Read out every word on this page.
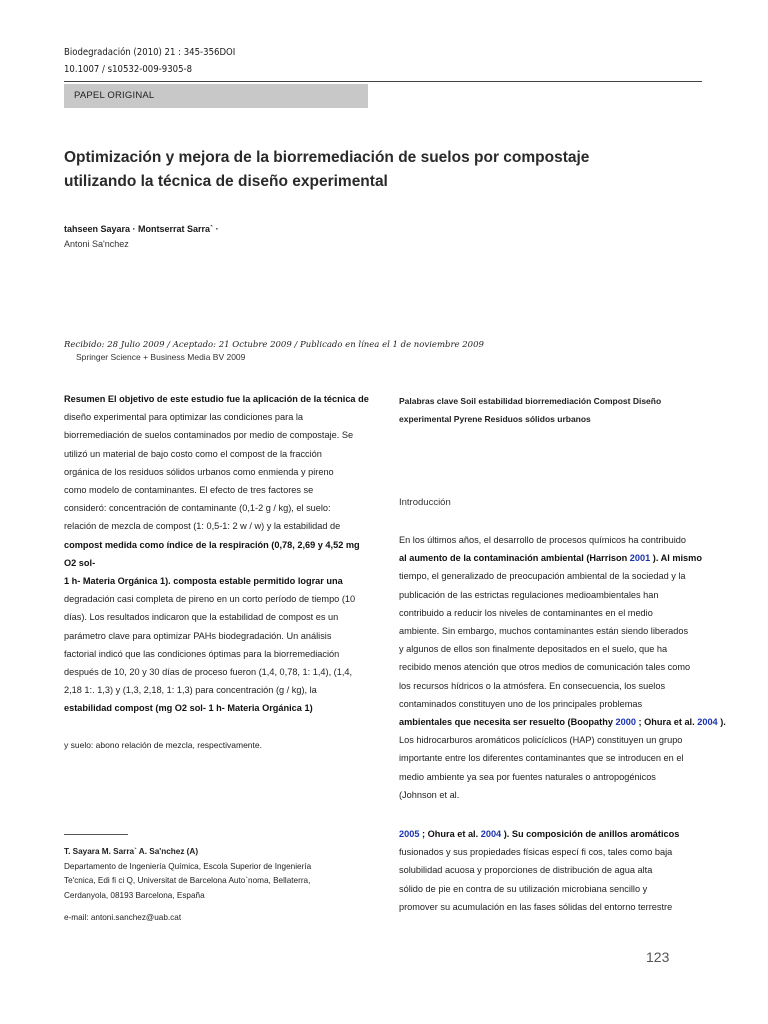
Biodegradación (2010) 21 : 345-356DOI
10.1007 / s10532-009-9305-8
PAPEL ORIGINAL
Optimización y mejora de la biorremediación de suelos por compostaje
utilizando la técnica de diseño experimental
tahseen Sayara · Montserrat Sarra` ·
Antoni Sa'nchez
Recibido: 28 Julio 2009 / Aceptado: 21 Octubre 2009 / Publicado en línea el 1 de noviembre 2009
Springer Science + Business Media BV 2009
Resumen El objetivo de este estudio fue la aplicación de la técnica de
diseño experimental para optimizar las condiciones para la
biorremediación de suelos contaminados por medio de compostaje. Se
utilizó un material de bajo costo como el compost de la fracción
orgánica de los residuos sólidos urbanos como enmienda y pireno
como modelo de contaminantes. El efecto de tres factores se
consideró: concentración de contaminante (0,1-2 g / kg), el suelo:
relación de mezcla de compost (1: 0,5-1: 2 w / w) y la estabilidad de
compost medida como índice de la respiración (0,78, 2,69 y 4,52 mg O2 sol-
1 h- Materia Orgánica 1). composta estable permitido lograr una
degradación casi completa de pireno en un corto período de tiempo (10
días). Los resultados indicaron que la estabilidad de compost es un
parámetro clave para optimizar PAHs biodegradación. Un análisis
factorial indicó que las condiciones óptimas para la biorremediación
después de 10, 20 y 30 días de proceso fueron (1,4, 0,78, 1: 1,4), (1,4,
2,18 1:. 1,3) y (1,3, 2,18, 1: 1,3) para concentración (g / kg), la
estabilidad compost (mg O2 sol- 1 h- Materia Orgánica 1)
y suelo: abono relación de mezcla, respectivamente.
Palabras clave Soil estabilidad biorremediación Compost Diseño
experimental Pyrene Residuos sólidos urbanos
Introducción
En los últimos años, el desarrollo de procesos químicos ha contribuido
al aumento de la contaminación ambiental (Harrison 2001 ). Al mismo
tiempo, el generalizado de preocupación ambiental de la sociedad y la
publicación de las estrictas regulaciones medioambientales han
contribuido a reducir los niveles de contaminantes en el medio
ambiente. Sin embargo, muchos contaminantes están siendo liberados
y algunos de ellos son finalmente depositados en el suelo, que ha
recibido menos atención que otros medios de comunicación tales como
los recursos hídricos o la atmósfera. En consecuencia, los suelos
contaminados constituyen uno de los principales problemas
ambientales que necesita ser resuelto (Boopathy 2000 ; Ohura et al. 2004 ).
Los hidrocarburos aromáticos policíclicos (HAP) constituyen un grupo
importante entre los diferentes contaminantes que se introducen en el
medio ambiente ya sea por fuentes naturales o antropogénicos
(Johnson et al.
2005 ; Ohura et al. 2004 ). Su composición de anillos aromáticos
fusionados y sus propiedades físicas especí fi cos, tales como baja
solubilidad acuosa y proporciones de distribución de agua alta
sólido de pie en contra de su utilización microbiana sencillo y
promover su acumulación en las fases sólidas del entorno terrestre
T. Sayara M. Sarra` A. Sa'nchez (A)
Departamento de Ingeniería Química, Escola Superior de Ingeniería
Te'cnica, Edi fi ci Q, Universitat de Barcelona Auto`noma, Bellaterra,
Cerdanyola, 08193 Barcelona, España
e-mail: antoni.sanchez@uab.cat
123
